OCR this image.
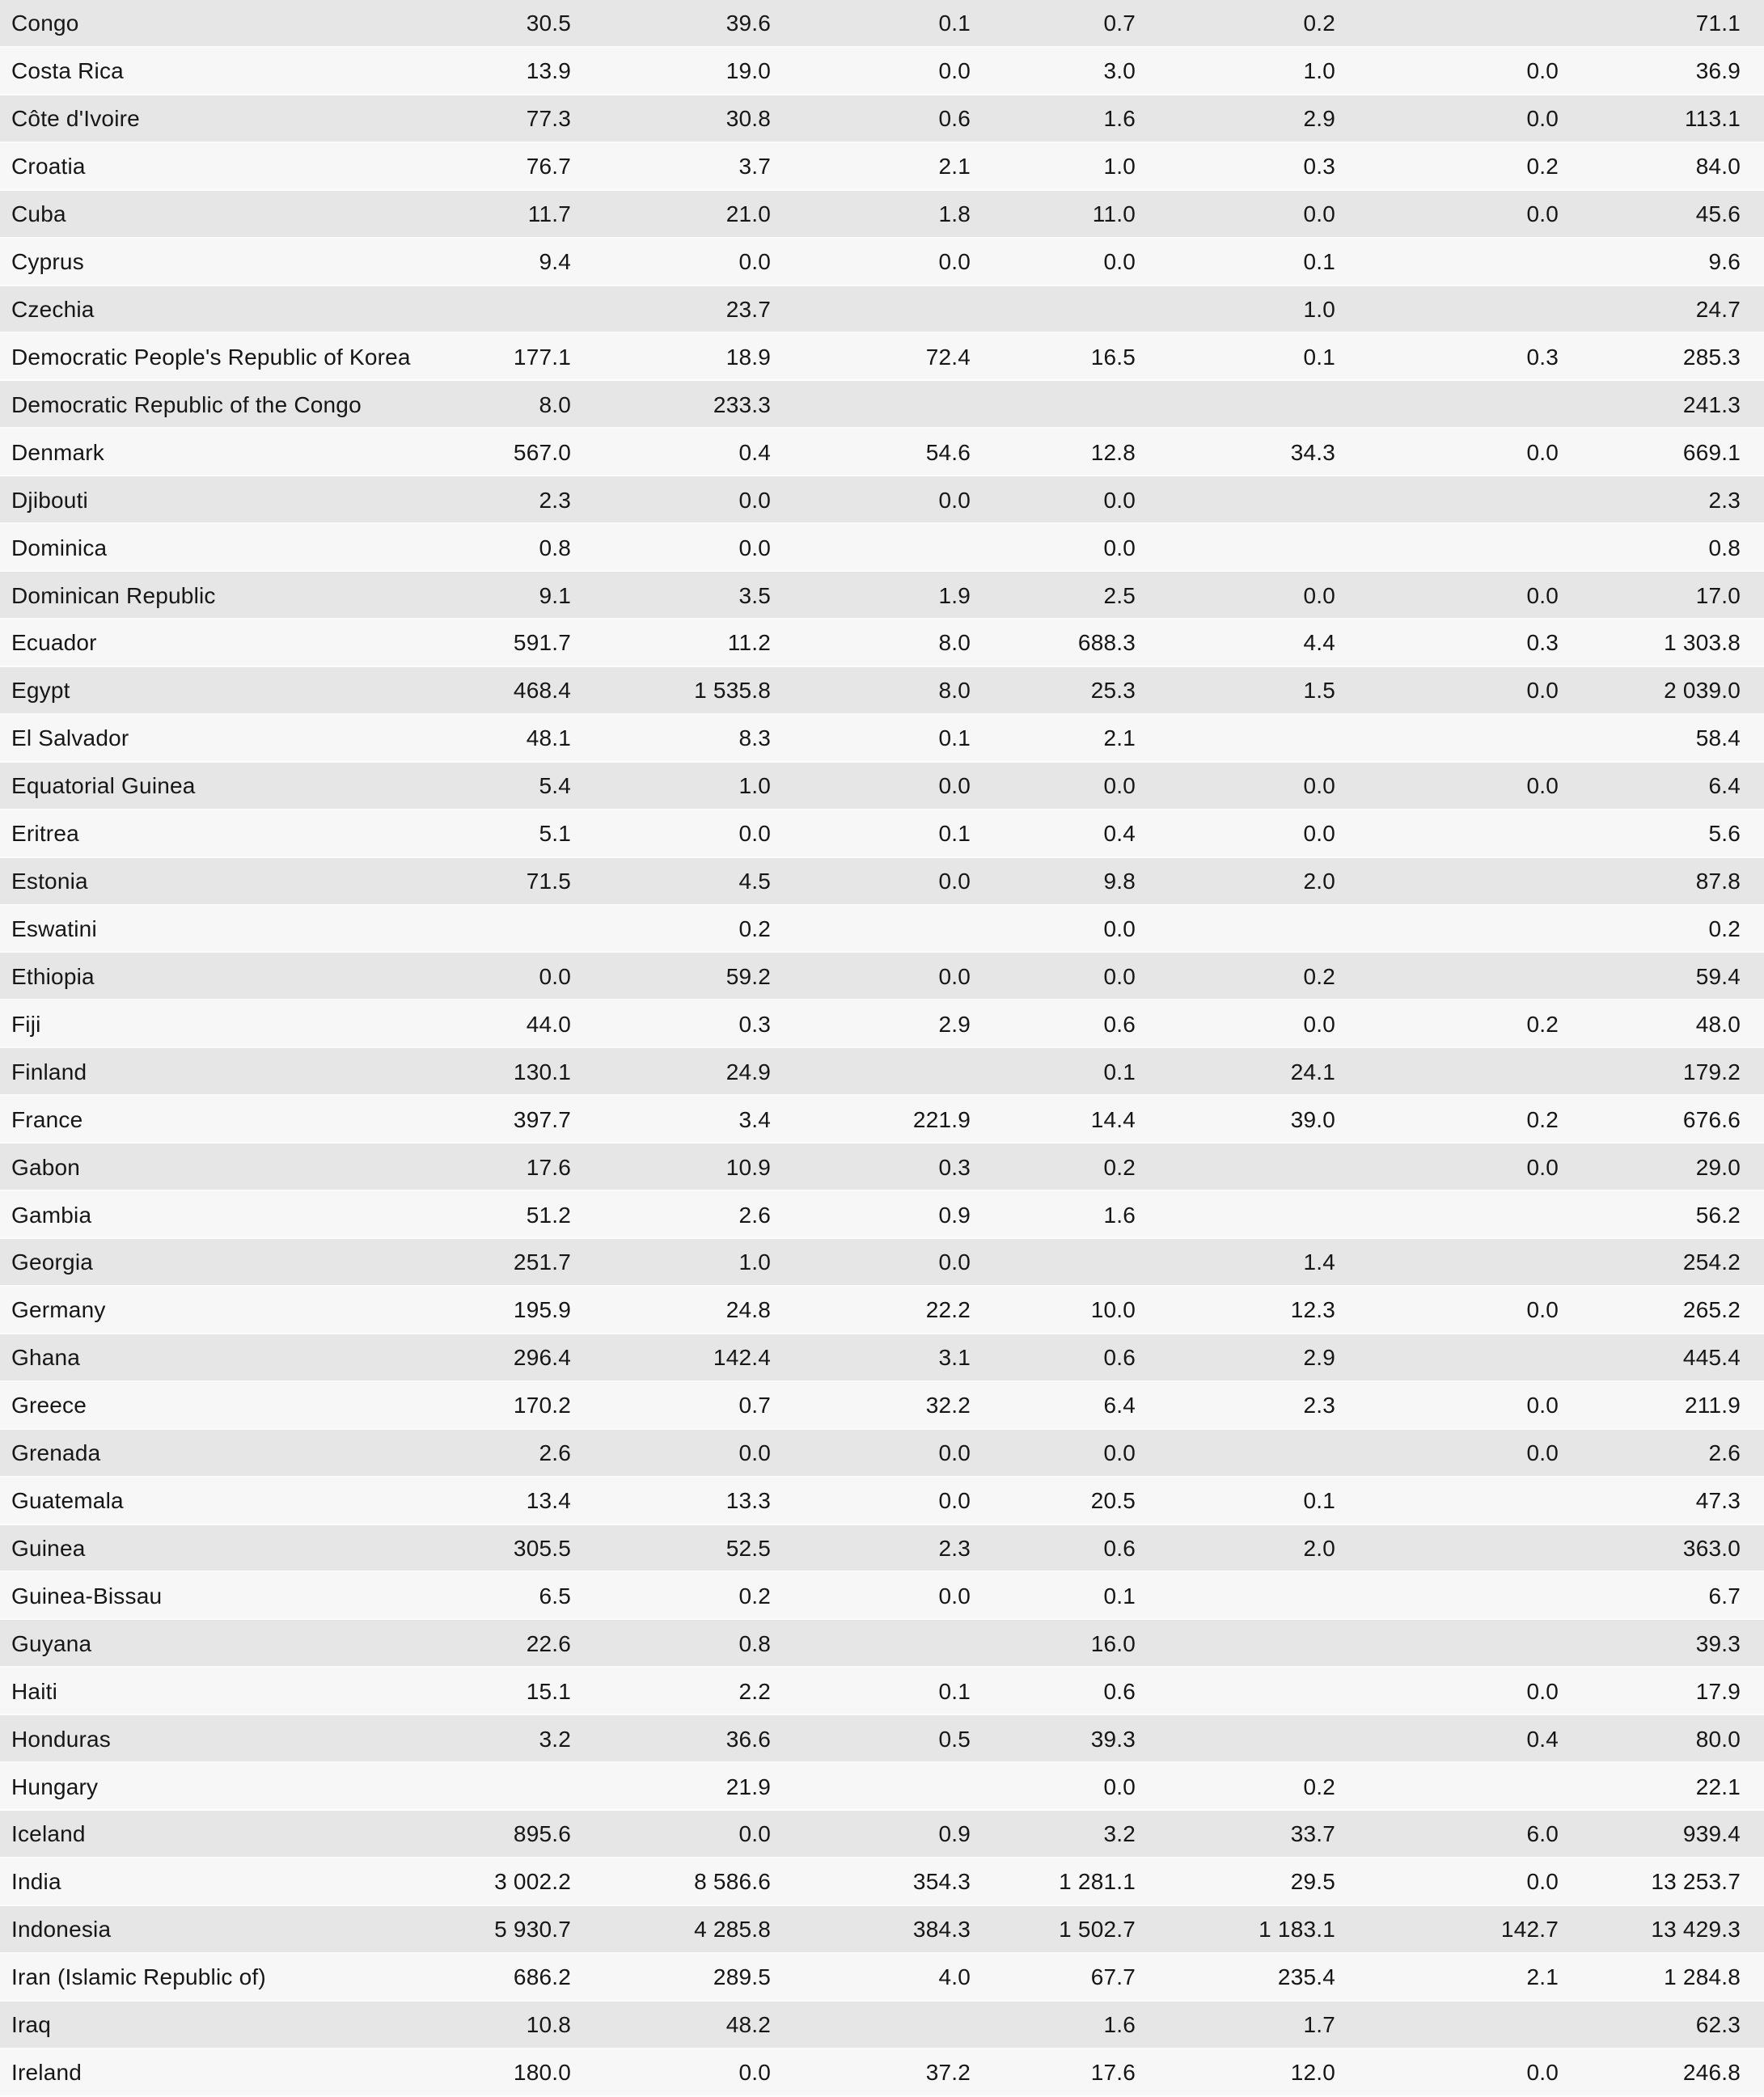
Congo	30.5	39.6	0.1	0.7	0.2		71.1	
Costa Rica	13.9	19.0	0.0	3.0	1.0	0.0	36.9	
Côte d'Ivoire	77.3	30.8	0.6	1.6	2.9	0.0	113.1	
Croatia	76.7	3.7	2.1	1.0	0.3	0.2	84.0	
Cuba	11.7	21.0	1.8	11.0	0.0	0.0	45.6	
Cyprus	9.4	0.0	0.0	0.0	0.1		9.6	
Czechia		23.7			1.0		24.7	
Democratic People's Republic of Korea	177.1	18.9	72.4	16.5	0.1	0.3	285.3	
Democratic Republic of the Congo	8.0	233.3					241.3	
Denmark	567.0	0.4	54.6	12.8	34.3	0.0	669.1	
Djibouti	2.3	0.0	0.0	0.0			2.3	
Dominica	0.8	0.0		0.0			0.8	
Dominican Republic	9.1	3.5	1.9	2.5	0.0	0.0	17.0	
Ecuador	591.7	11.2	8.0	688.3	4.4	0.3	1 303.8	
Egypt	468.4	1 535.8	8.0	25.3	1.5	0.0	2 039.0	
El Salvador	48.1	8.3	0.1	2.1			58.4	
Equatorial Guinea	5.4	1.0	0.0	0.0	0.0	0.0	6.4	
Eritrea	5.1	0.0	0.1	0.4	0.0		5.6	
Estonia	71.5	4.5	0.0	9.8	2.0		87.8	
Eswatini		0.2		0.0			0.2	
Ethiopia	0.0	59.2	0.0	0.0	0.2		59.4	
Fiji	44.0	0.3	2.9	0.6	0.0	0.2	48.0	
Finland	130.1	24.9		0.1	24.1		179.2	
France	397.7	3.4	221.9	14.4	39.0	0.2	676.6	
Gabon	17.6	10.9	0.3	0.2		0.0	29.0	
Gambia	51.2	2.6	0.9	1.6			56.2	
Georgia	251.7	1.0	0.0		1.4		254.2	
Germany	195.9	24.8	22.2	10.0	12.3	0.0	265.2	
Ghana	296.4	142.4	3.1	0.6	2.9		445.4	
Greece	170.2	0.7	32.2	6.4	2.3	0.0	211.9	
Grenada	2.6	0.0	0.0	0.0		0.0	2.6	
Guatemala	13.4	13.3	0.0	20.5	0.1		47.3	
Guinea	305.5	52.5	2.3	0.6	2.0		363.0	
Guinea-Bissau	6.5	0.2	0.0	0.1			6.7	
Guyana	22.6	0.8		16.0			39.3	
Haiti	15.1	2.2	0.1	0.6		0.0	17.9	
Honduras	3.2	36.6	0.5	39.3		0.4	80.0	
Hungary		21.9		0.0	0.2		22.1	
Iceland	895.6	0.0	0.9	3.2	33.7	6.0	939.4	
India	3 002.2	8 586.6	354.3	1 281.1	29.5	0.0	13 253.7	
Indonesia	5 930.7	4 285.8	384.3	1 502.7	1 183.1	142.7	13 429.3	
Iran (Islamic Republic of)	686.2	289.5	4.0	67.7	235.4	2.1	1 284.8	
Iraq	10.8	48.2		1.6	1.7		62.3	
Ireland	180.0	0.0	37.2	17.6	12.0	0.0	246.8	
